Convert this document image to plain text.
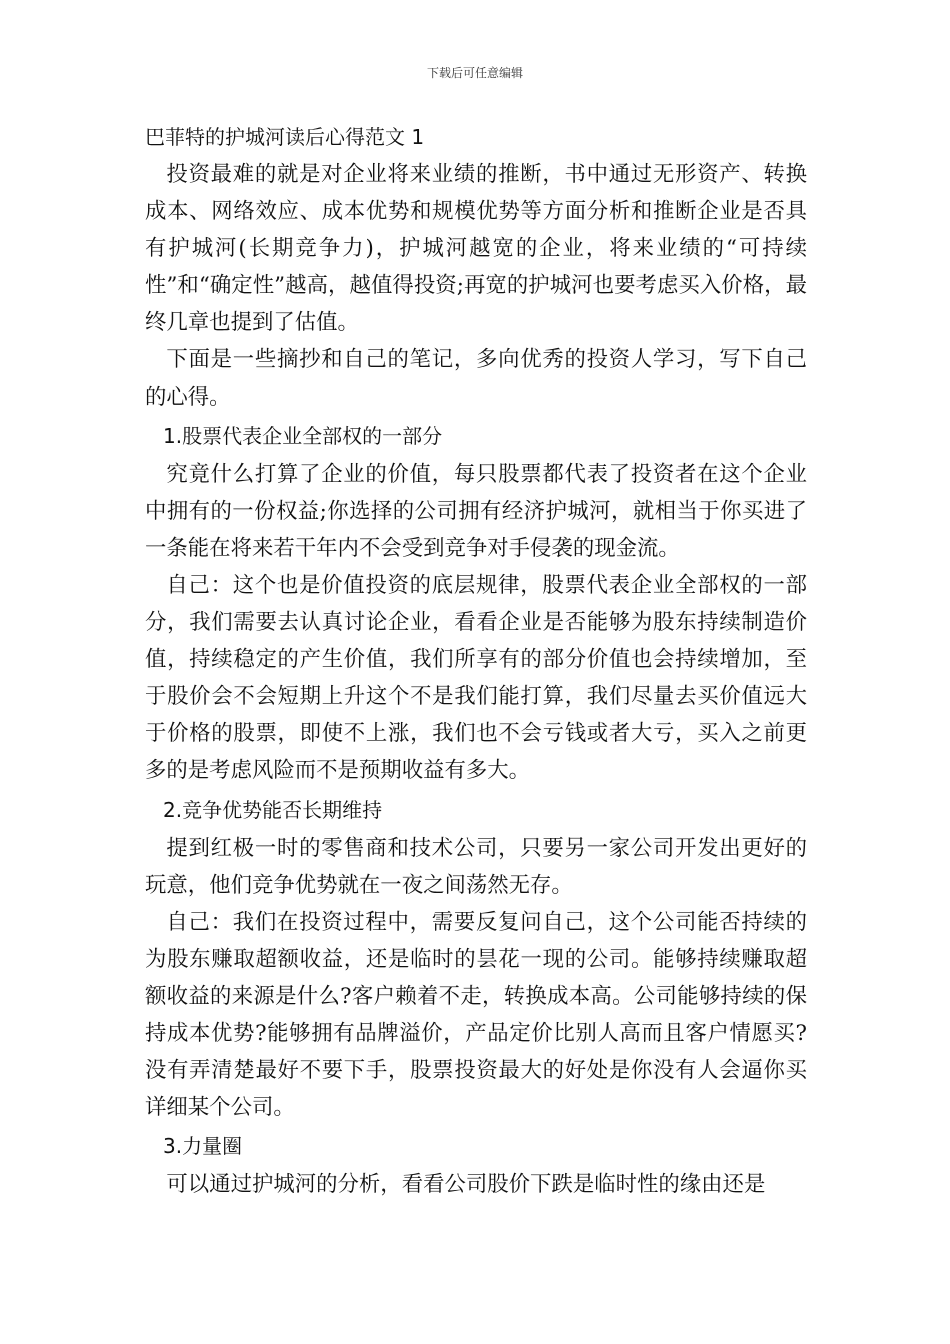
下载后可任意编辑
巴菲特的护城河读后心得范文 1

投资最难的就是对企业将来业绩的推断，书中通过无形资产、转换成本、网络效应、成本优势和规模优势等方面分析和推断企业是否具有护城河(长期竞争力)，护城河越宽的企业，将来业绩的“可持续性”和“确定性”越高，越值得投资;再宽的护城河也要考虑买入价格，最终几章也提到了估值。

下面是一些摘抄和自己的笔记，多向优秀的投资人学习，写下自己的心得。

1.股票代表企业全部权的一部分

究竟什么打算了企业的价值，每只股票都代表了投资者在这个企业中拥有的一份权益;你选择的公司拥有经济护城河，就相当于你买进了一条能在将来若干年内不会受到竞争对手侵袭的现金流。

自己：这个也是价值投资的底层规律，股票代表企业全部权的一部分，我们需要去认真讨论企业，看看企业是否能够为股东持续制造价值，持续稳定的产生价值，我们所享有的部分价值也会持续增加，至于股价会不会短期上升这个不是我们能打算，我们尽量去买价值远大于价格的股票，即使不上涨，我们也不会亏钱或者大亏，买入之前更多的是考虑风险而不是预期收益有多大。

2.竞争优势能否长期维持

提到红极一时的零售商和技术公司，只要另一家公司开发出更好的玩意，他们竞争优势就在一夜之间荡然无存。

自己：我们在投资过程中，需要反复问自己，这个公司能否持续的为股东赚取超额收益，还是临时的昙花一现的公司。能够持续赚取超额收益的来源是什么?客户赖着不走，转换成本高。公司能够持续的保持成本优势?能够拥有品牌溢价，产品定价比别人高而且客户情愿买?没有弄清楚最好不要下手，股票投资最大的好处是你没有人会逼你买详细某个公司。

3.力量圈

可以通过护城河的分析，看看公司股价下跌是临时性的缘由还是
